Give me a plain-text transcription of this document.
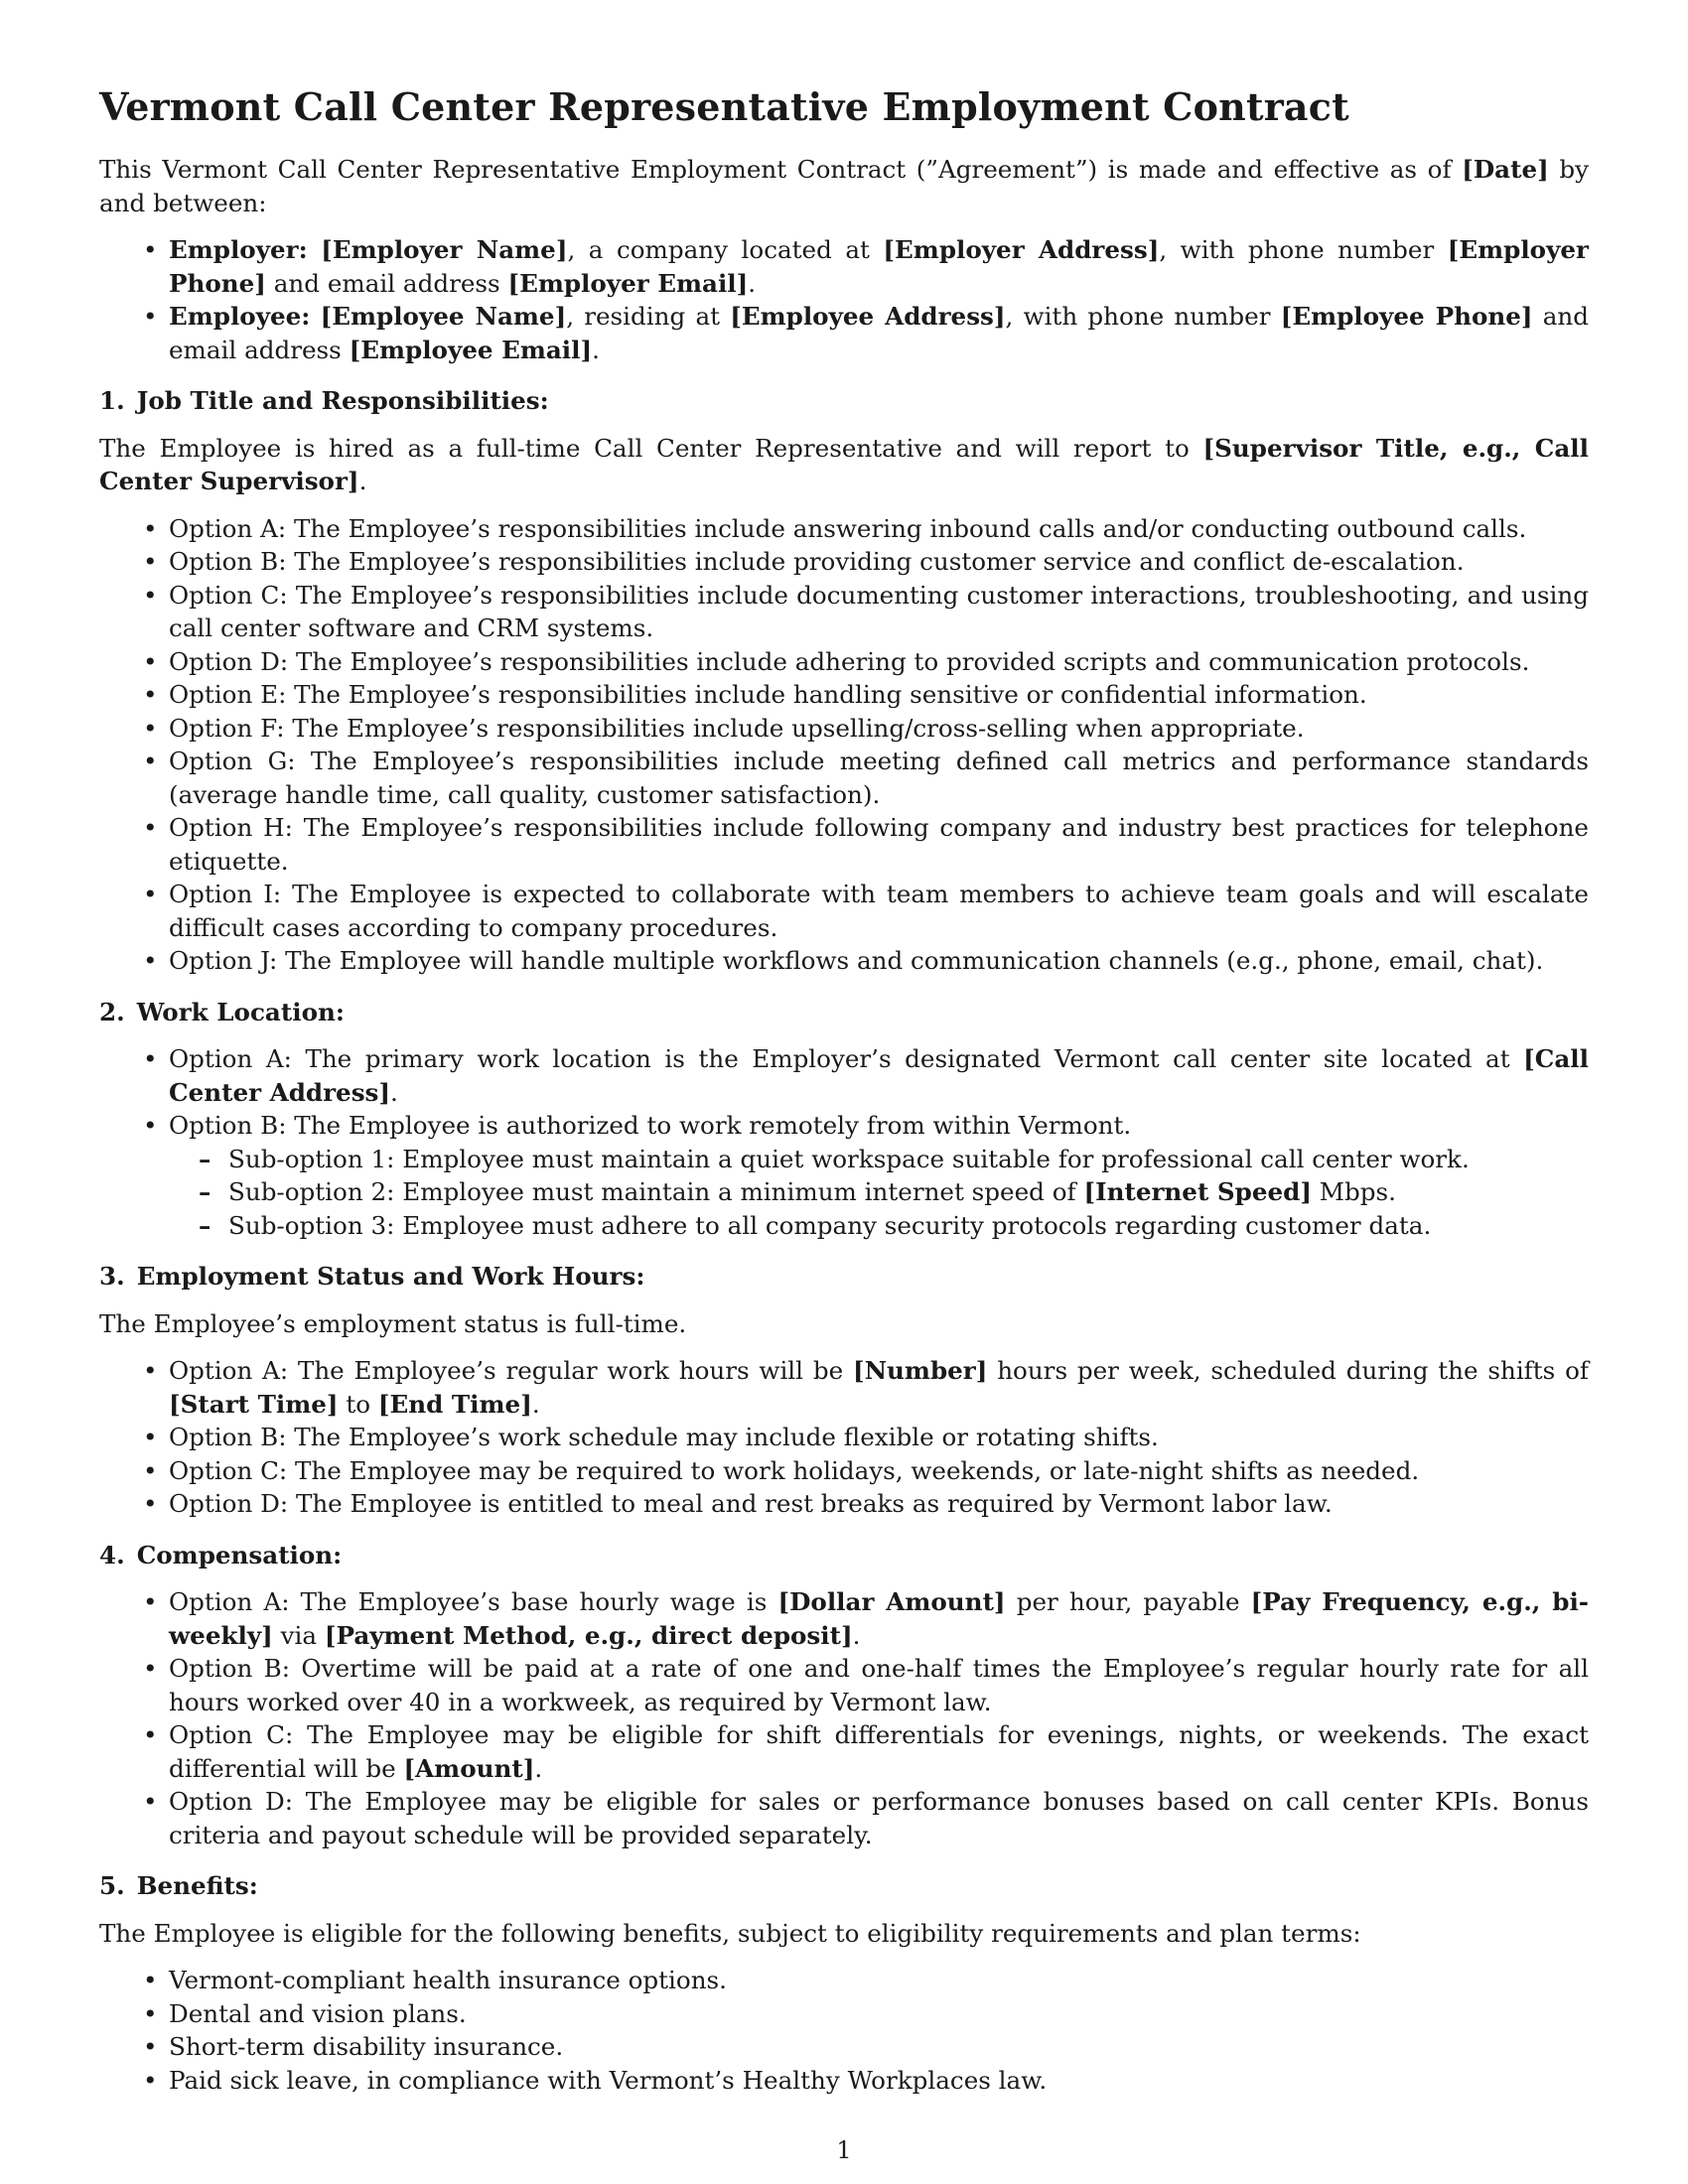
Vermont Call Center Representative Employment Contract

This Vermont Call Center Representative Employment Contract (”Agreement”) is made and effective as of [Date] by and between:

• Employer: [Employer Name], a company located at [Employer Address], with phone number [Employer Phone] and email address [Employer Email].
• Employee: [Employee Name], residing at [Employee Address], with phone number [Employee Phone] and email address [Employee Email].
1. Job Title and Responsibilities:

The Employee is hired as a full-time Call Center Representative and will report to [Supervisor Title, e.g., Call Center Supervisor].

• Option A: The Employee’s responsibilities include answering inbound calls and/or conducting outbound calls.
• Option B: The Employee’s responsibilities include providing customer service and conflict de-escalation.
• Option C: The Employee’s responsibilities include documenting customer interactions, troubleshooting, and using call center software and CRM systems.
• Option D: The Employee’s responsibilities include adhering to provided scripts and communication protocols.
• Option E: The Employee’s responsibilities include handling sensitive or confidential information.
• Option F: The Employee’s responsibilities include upselling/cross-selling when appropriate.
• Option G: The Employee’s responsibilities include meeting defined call metrics and performance standards (average handle time, call quality, customer satisfaction).
• Option H: The Employee’s responsibilities include following company and industry best practices for telephone etiquette.
• Option I: The Employee is expected to collaborate with team members to achieve team goals and will escalate difficult cases according to company procedures.
• Option J: The Employee will handle multiple workflows and communication channels (e.g., phone, email, chat).
2. Work Location:
• Option A: The primary work location is the Employer’s designated Vermont call center site located at [Call Center Address].
• Option B: The Employee is authorized to work remotely from within Vermont.
– Sub-option 1: Employee must maintain a quiet workspace suitable for professional call center work.
– Sub-option 2: Employee must maintain a minimum internet speed of [Internet Speed] Mbps.
– Sub-option 3: Employee must adhere to all company security protocols regarding customer data.
3. Employment Status and Work Hours:

The Employee’s employment status is full-time.

• Option A: The Employee’s regular work hours will be [Number] hours per week, scheduled during the shifts of [Start Time] to [End Time].
• Option B: The Employee’s work schedule may include flexible or rotating shifts.
• Option C: The Employee may be required to work holidays, weekends, or late-night shifts as needed.
• Option D: The Employee is entitled to meal and rest breaks as required by Vermont labor law.
4. Compensation:
• Option A: The Employee’s base hourly wage is [Dollar Amount] per hour, payable [Pay Frequency, e.g., bi-weekly] via [Payment Method, e.g., direct deposit].
• Option B: Overtime will be paid at a rate of one and one-half times the Employee’s regular hourly rate for all hours worked over 40 in a workweek, as required by Vermont law.
• Option C: The Employee may be eligible for shift differentials for evenings, nights, or weekends. The exact differential will be [Amount].
• Option D: The Employee may be eligible for sales or performance bonuses based on call center KPIs. Bonus criteria and payout schedule will be provided separately.
5. Benefits:

The Employee is eligible for the following benefits, subject to eligibility requirements and plan terms:

• Vermont-compliant health insurance options.
• Dental and vision plans.
• Short-term disability insurance.
• Paid sick leave, in compliance with Vermont’s Healthy Workplaces law.
1
